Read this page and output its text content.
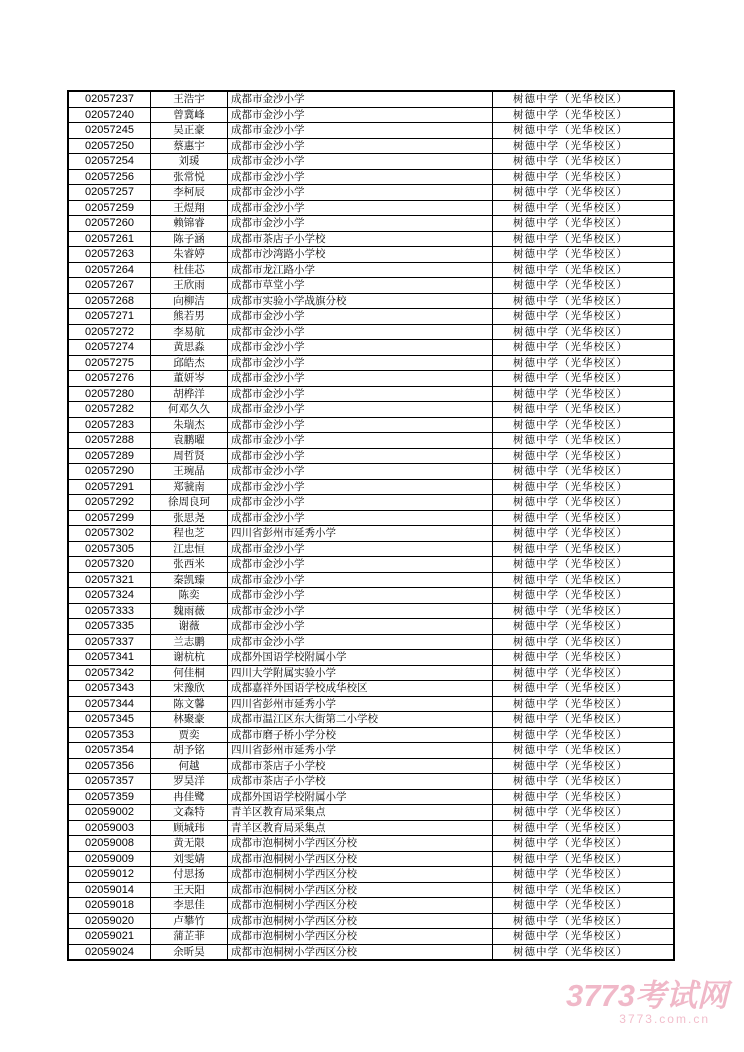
02057237	王浩宇	成都市金沙小学	树德中学（光华校区）
02057240	曾冀峰	成都市金沙小学	树德中学（光华校区）
02057245	吴正豪	成都市金沙小学	树德中学（光华校区）
02057250	蔡惠宇	成都市金沙小学	树德中学（光华校区）
02057254	刘瑗	成都市金沙小学	树德中学（光华校区）
02057256	张常悦	成都市金沙小学	树德中学（光华校区）
02057257	李柯辰	成都市金沙小学	树德中学（光华校区）
02057259	王煜翔	成都市金沙小学	树德中学（光华校区）
02057260	赖锦睿	成都市金沙小学	树德中学（光华校区）
02057261	陈子涵	成都市茶店子小学校	树德中学（光华校区）
02057263	朱睿婷	成都市沙湾路小学校	树德中学（光华校区）
02057264	杜佳芯	成都市龙江路小学	树德中学（光华校区）
02057267	王欣雨	成都市草堂小学	树德中学（光华校区）
02057268	向柳洁	成都市实验小学战旗分校	树德中学（光华校区）
02057271	熊若男	成都市金沙小学	树德中学（光华校区）
02057272	李易航	成都市金沙小学	树德中学（光华校区）
02057274	黄思淼	成都市金沙小学	树德中学（光华校区）
02057275	邱皓杰	成都市金沙小学	树德中学（光华校区）
02057276	董妍岑	成都市金沙小学	树德中学（光华校区）
02057280	胡桦洋	成都市金沙小学	树德中学（光华校区）
02057282	何邓久久	成都市金沙小学	树德中学（光华校区）
02057283	朱瑞杰	成都市金沙小学	树德中学（光华校区）
02057288	袁鹏曜	成都市金沙小学	树德中学（光华校区）
02057289	周哲贤	成都市金沙小学	树德中学（光华校区）
02057290	王琬晶	成都市金沙小学	树德中学（光华校区）
02057291	郑虢南	成都市金沙小学	树德中学（光华校区）
02057292	徐周良珂	成都市金沙小学	树德中学（光华校区）
02057299	张思尧	成都市金沙小学	树德中学（光华校区）
02057302	程也芝	四川省彭州市延秀小学	树德中学（光华校区）
02057305	江忠恒	成都市金沙小学	树德中学（光华校区）
02057320	张西米	成都市金沙小学	树德中学（光华校区）
02057321	秦凯臻	成都市金沙小学	树德中学（光华校区）
02057324	陈奕	成都市金沙小学	树德中学（光华校区）
02057333	魏雨薇	成都市金沙小学	树德中学（光华校区）
02057335	谢薇	成都市金沙小学	树德中学（光华校区）
02057337	兰志鹏	成都市金沙小学	树德中学（光华校区）
02057341	谢杭杭	成都外国语学校附属小学	树德中学（光华校区）
02057342	何佳桐	四川大学附属实验小学	树德中学（光华校区）
02057343	宋豫欣	成都嘉祥外国语学校成华校区	树德中学（光华校区）
02057344	陈文馨	四川省彭州市延秀小学	树德中学（光华校区）
02057345	林聚豪	成都市温江区东大街第二小学校	树德中学（光华校区）
02057353	贾奕	成都市磨子桥小学分校	树德中学（光华校区）
02057354	胡予铭	四川省彭州市延秀小学	树德中学（光华校区）
02057356	何越	成都市茶店子小学校	树德中学（光华校区）
02057357	罗昊洋	成都市茶店子小学校	树德中学（光华校区）
02057359	冉佳鹭	成都外国语学校附属小学	树德中学（光华校区）
02059002	文森特	青羊区教育局采集点	树德中学（光华校区）
02059003	顾城玮	青羊区教育局采集点	树德中学（光华校区）
02059008	黄无限	成都市泡桐树小学西区分校	树德中学（光华校区）
02059009	刘雯婧	成都市泡桐树小学西区分校	树德中学（光华校区）
02059012	付思扬	成都市泡桐树小学西区分校	树德中学（光华校区）
02059014	王天阳	成都市泡桐树小学西区分校	树德中学（光华校区）
02059018	李思佳	成都市泡桐树小学西区分校	树德中学（光华校区）
02059020	卢攀竹	成都市泡桐树小学西区分校	树德中学（光华校区）
02059021	蒲芷菲	成都市泡桐树小学西区分校	树德中学（光华校区）
02059024	余昕昊	成都市泡桐树小学西区分校	树德中学（光华校区）
3773考试网
3773.com.cn
